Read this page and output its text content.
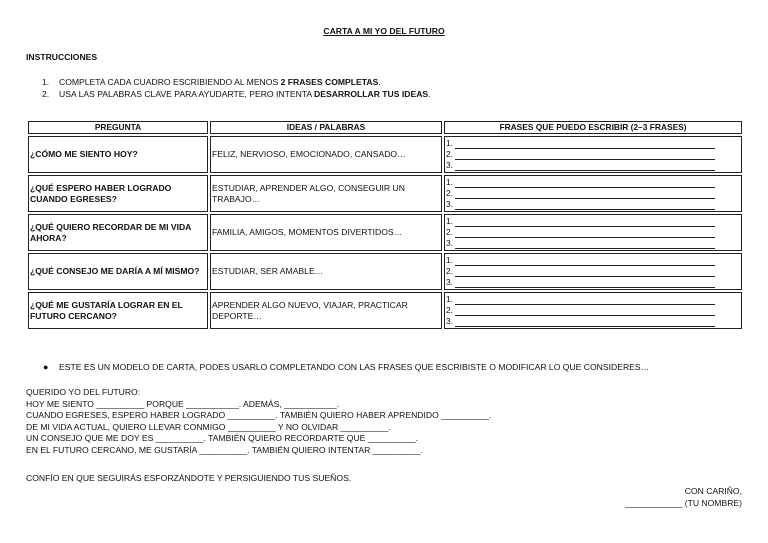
CARTA A MI YO DEL FUTURO
INSTRUCCIONES
1.	COMPLETA CADA CUADRO ESCRIBIENDO AL MENOS 2 FRASES COMPLETAS.
2.	USA LAS PALABRAS CLAVE PARA AYUDARTE, PERO INTENTA DESARROLLAR TUS IDEAS.
PREGUNTA	IDEAS / PALABRAS	FRASES QUE PUEDO ESCRIBIR (2–3 FRASES)
¿CÓMO ME SIENTO HOY?	FELIZ, NERVIOSO, EMOCIONADO, CANSADO…	1.
2.
3.

¿QUÉ ESPERO HABER LOGRADO CUANDO EGRESES?	ESTUDIAR, APRENDER ALGO, CONSEGUIR UN TRABAJO…	1.
2.
3.

¿QUÉ QUIERO RECORDAR DE MI VIDA AHORA?	FAMILIA, AMIGOS, MOMENTOS DIVERTIDOS…	1.
2.
3.

¿QUÉ CONSEJO ME DARÍA A MÍ MISMO?	ESTUDIAR, SER AMABLE…	1.
2.
3.

¿QUÉ ME GUSTARÍA LOGRAR EN EL FUTURO CERCANO?	APRENDER ALGO NUEVO, VIAJAR, PRACTICAR DEPORTE…	1.
2.
3.
●	ESTE ES UN MODELO DE CARTA, PODES USARLO COMPLETANDO CON LAS FRASES QUE ESCRIBISTE O MODIFICAR LO QUE CONSIDERES…
QUERIDO YO DEL FUTURO:
HOY ME SIENTO __________ PORQUE ___________. ADEMÁS, ___________.
CUANDO EGRESES, ESPERO HABER LOGRADO __________. TAMBIÉN QUIERO HABER APRENDIDO __________.
DE MI VIDA ACTUAL, QUIERO LLEVAR CONMIGO __________ Y NO OLVIDAR __________.
UN CONSEJO QUE ME DOY ES __________. TAMBIÉN QUIERO RECORDARTE QUE __________.
EN EL FUTURO CERCANO, ME GUSTARÍA __________. TAMBIÉN QUIERO INTENTAR __________.
CONFÍO EN QUE SEGUIRÁS ESFORZÁNDOTE Y PERSIGUIENDO TUS SUEÑOS.
CON CARIÑO,
____________ (TU NOMBRE)
